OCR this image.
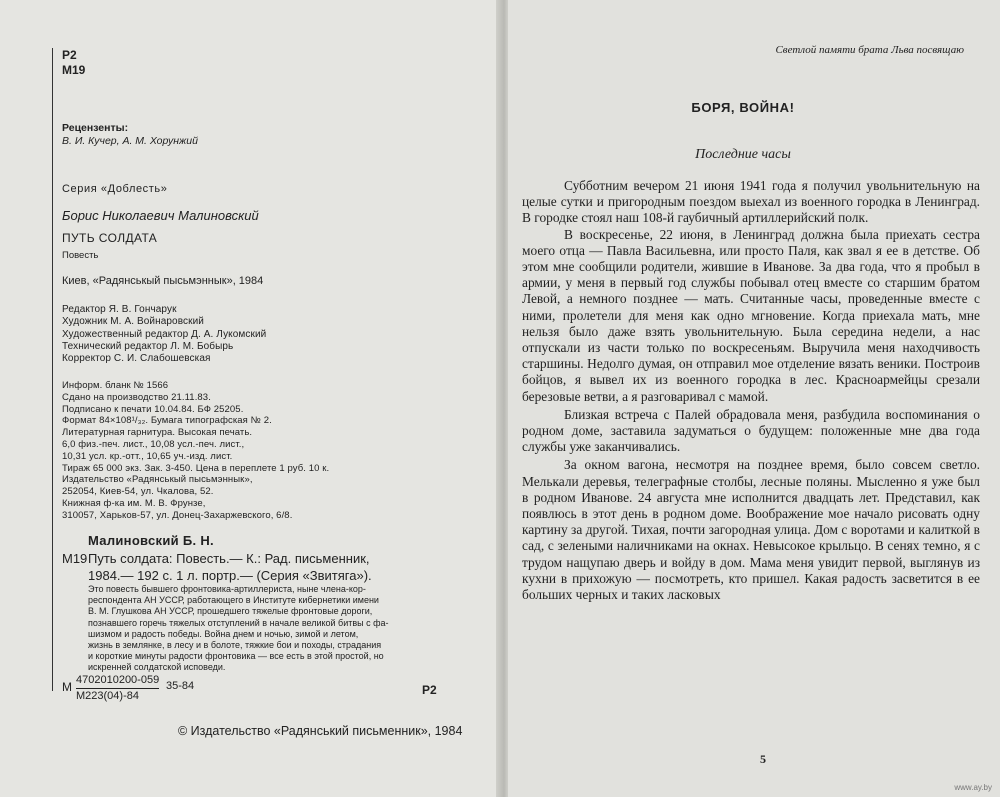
Р2
М19
Рецензенты:
В. И. Кучер, А. М. Хорунжий
Серия «Доблесть»
Борис Николаевич Малиновский
ПУТЬ СОЛДАТА
Повесть
Киев, «Радянськый пысьмэннык», 1984
Редактор Я. В. Гончарук
Художник М. А. Войнаровский
Художественный редактор Д. А. Лукомский
Технический редактор Л. М. Бобырь
Корректор С. И. Слабошевская
Информ. бланк № 1566
Сдано на производство 21.11.83.
Подписано к печати 10.04.84. БФ 25205.
Формат 84×108¹/₃₂. Бумага типографская № 2.
Литературная гарнитура. Высокая печать.
6,0 физ.-печ. лист., 10,08 усл.-печ. лист.,
10,31 усл. кр.-отт., 10,65 уч.-изд. лист.
Тираж 65 000 экз. Зак. 3-450. Цена в переплете 1 руб. 10 к.
Издательство «Радянськый пысьмэннык»,
252054, Киев-54, ул. Чкалова, 52.
Книжная ф-ка им. М. В. Фрунзе,
310057, Харьков-57, ул. Донец-Захаржевского, 6/8.
Малиновский Б. Н.
М19 Путь солдата: Повесть.— К.: Рад. письменник,
1984.— 192 с. 1 л. портр.— (Серия «Звитяга»).
Это повесть бывшего фронтовика-артиллериста, ныне члена-кор-
респондента АН УССР, работающего в Институте кибернетики имени
В. М. Глушкова АН УССР, прошедшего тяжелые фронтовые дороги,
познавшего горечь тяжелых отступлений в начале великой битвы с фа-
шизмом и радость победы. Война днем и ночью, зимой и летом,
жизнь в землянке, в лесу и в болоте, тяжкие бои и походы, страдания
и короткие минуты радости фронтовика — все есть в этой простой, но
искренней солдатской исповеди.
М 4702010200-059
М223(04)-84
35-84	Р2
© Издательство «Радянський письменник», 1984
Светлой памяти брата Льва посвящаю
БОРЯ, ВОЙНА!
Последние часы

Субботним вечером 21 июня 1941 года я получил увольнительную на целые сутки и пригородным поездом выехал из военного городка в Ленинград. В городке стоял наш 108-й гаубичный артиллерийский полк.

В воскресенье, 22 июня, в Ленинград должна была приехать сестра моего отца — Павла Васильевна, или просто Паля, как звал я ее в детстве. Об этом мне сообщили родители, жившие в Иванове. За два года, что я пробыл в армии, у меня в первый год службы побывал отец вместе со старшим братом Левой, а немного позднее — мать. Считанные часы, проведенные вместе с ними, пролетели для меня как одно мгновение. Когда приехала мать, мне нельзя было даже взять увольнительную. Была середина недели, а нас отпускали из части только по воскресеньям. Выручила меня находчивость старшины. Недолго думая, он отправил мое отделение вязать веники. Построив бойцов, я вывел их из военного городка в лес. Красноармейцы срезали березовые ветви, а я разговаривал с мамой.

Близкая встреча с Палей обрадовала меня, разбудила воспоминания о родном доме, заставила задуматься о будущем: положенные мне два года службы уже заканчивались.

За окном вагона, несмотря на позднее время, было совсем светло. Мелькали деревья, телеграфные столбы, лесные поляны. Мысленно я уже был в родном Иванове. 24 августа мне исполнится двадцать лет. Представил, как появлюсь в этот день в родном доме. Воображение мое начало рисовать одну картину за другой. Тихая, почти загородная улица. Дом с воротами и калиткой в сад, с зелеными наличниками на окнах. Невысокое крыльцо. В сенях темно, я с трудом нащупаю дверь и войду в дом. Мама меня увидит первой, выглянув из кухни в прихожую — посмотреть, кто пришел. Какая радость засветится в ее больших черных и таких ласковых

5
www.ay.by
